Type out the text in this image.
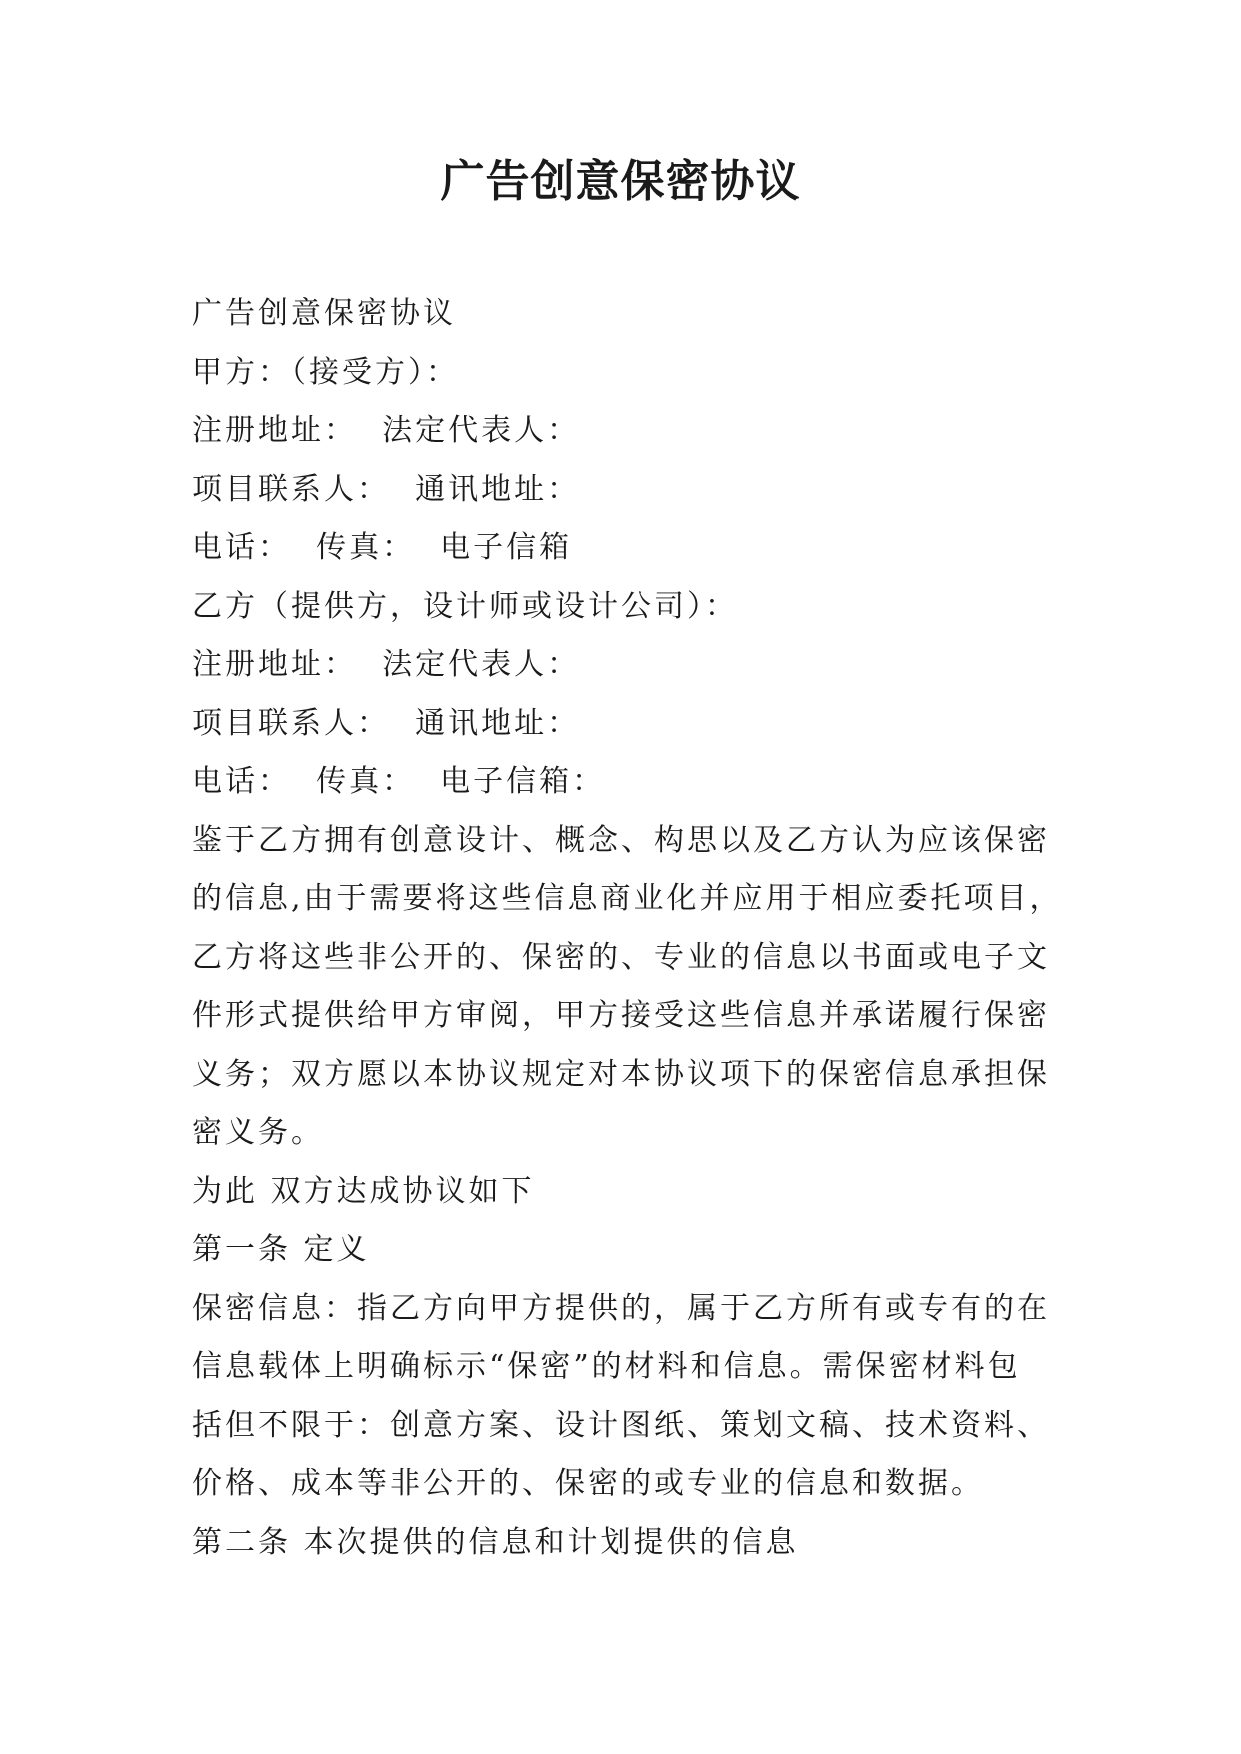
广告创意保密协议
广告创意保密协议
甲方：（接受方）：
注册地址：  法定代表人：
项目联系人：  通讯地址：
电话：  传真：  电子信箱
乙方（提供方，设计师或设计公司）：
注册地址：  法定代表人：
项目联系人：  通讯地址：
电话：  传真：  电子信箱：
鉴于乙方拥有创意设计、概念、构思以及乙方认为应该保密
的信息,由于需要将这些信息商业化并应用于相应委托项目，
乙方将这些非公开的、保密的、专业的信息以书面或电子文
件形式提供给甲方审阅，甲方接受这些信息并承诺履行保密
义务；双方愿以本协议规定对本协议项下的保密信息承担保
密义务。
为此 双方达成协议如下
第一条 定义
保密信息：指乙方向甲方提供的，属于乙方所有或专有的在
信息载体上明确标示“保密”的材料和信息。需保密材料包
括但不限于：创意方案、设计图纸、策划文稿、技术资料、
价格、成本等非公开的、保密的或专业的信息和数据。
第二条 本次提供的信息和计划提供的信息
